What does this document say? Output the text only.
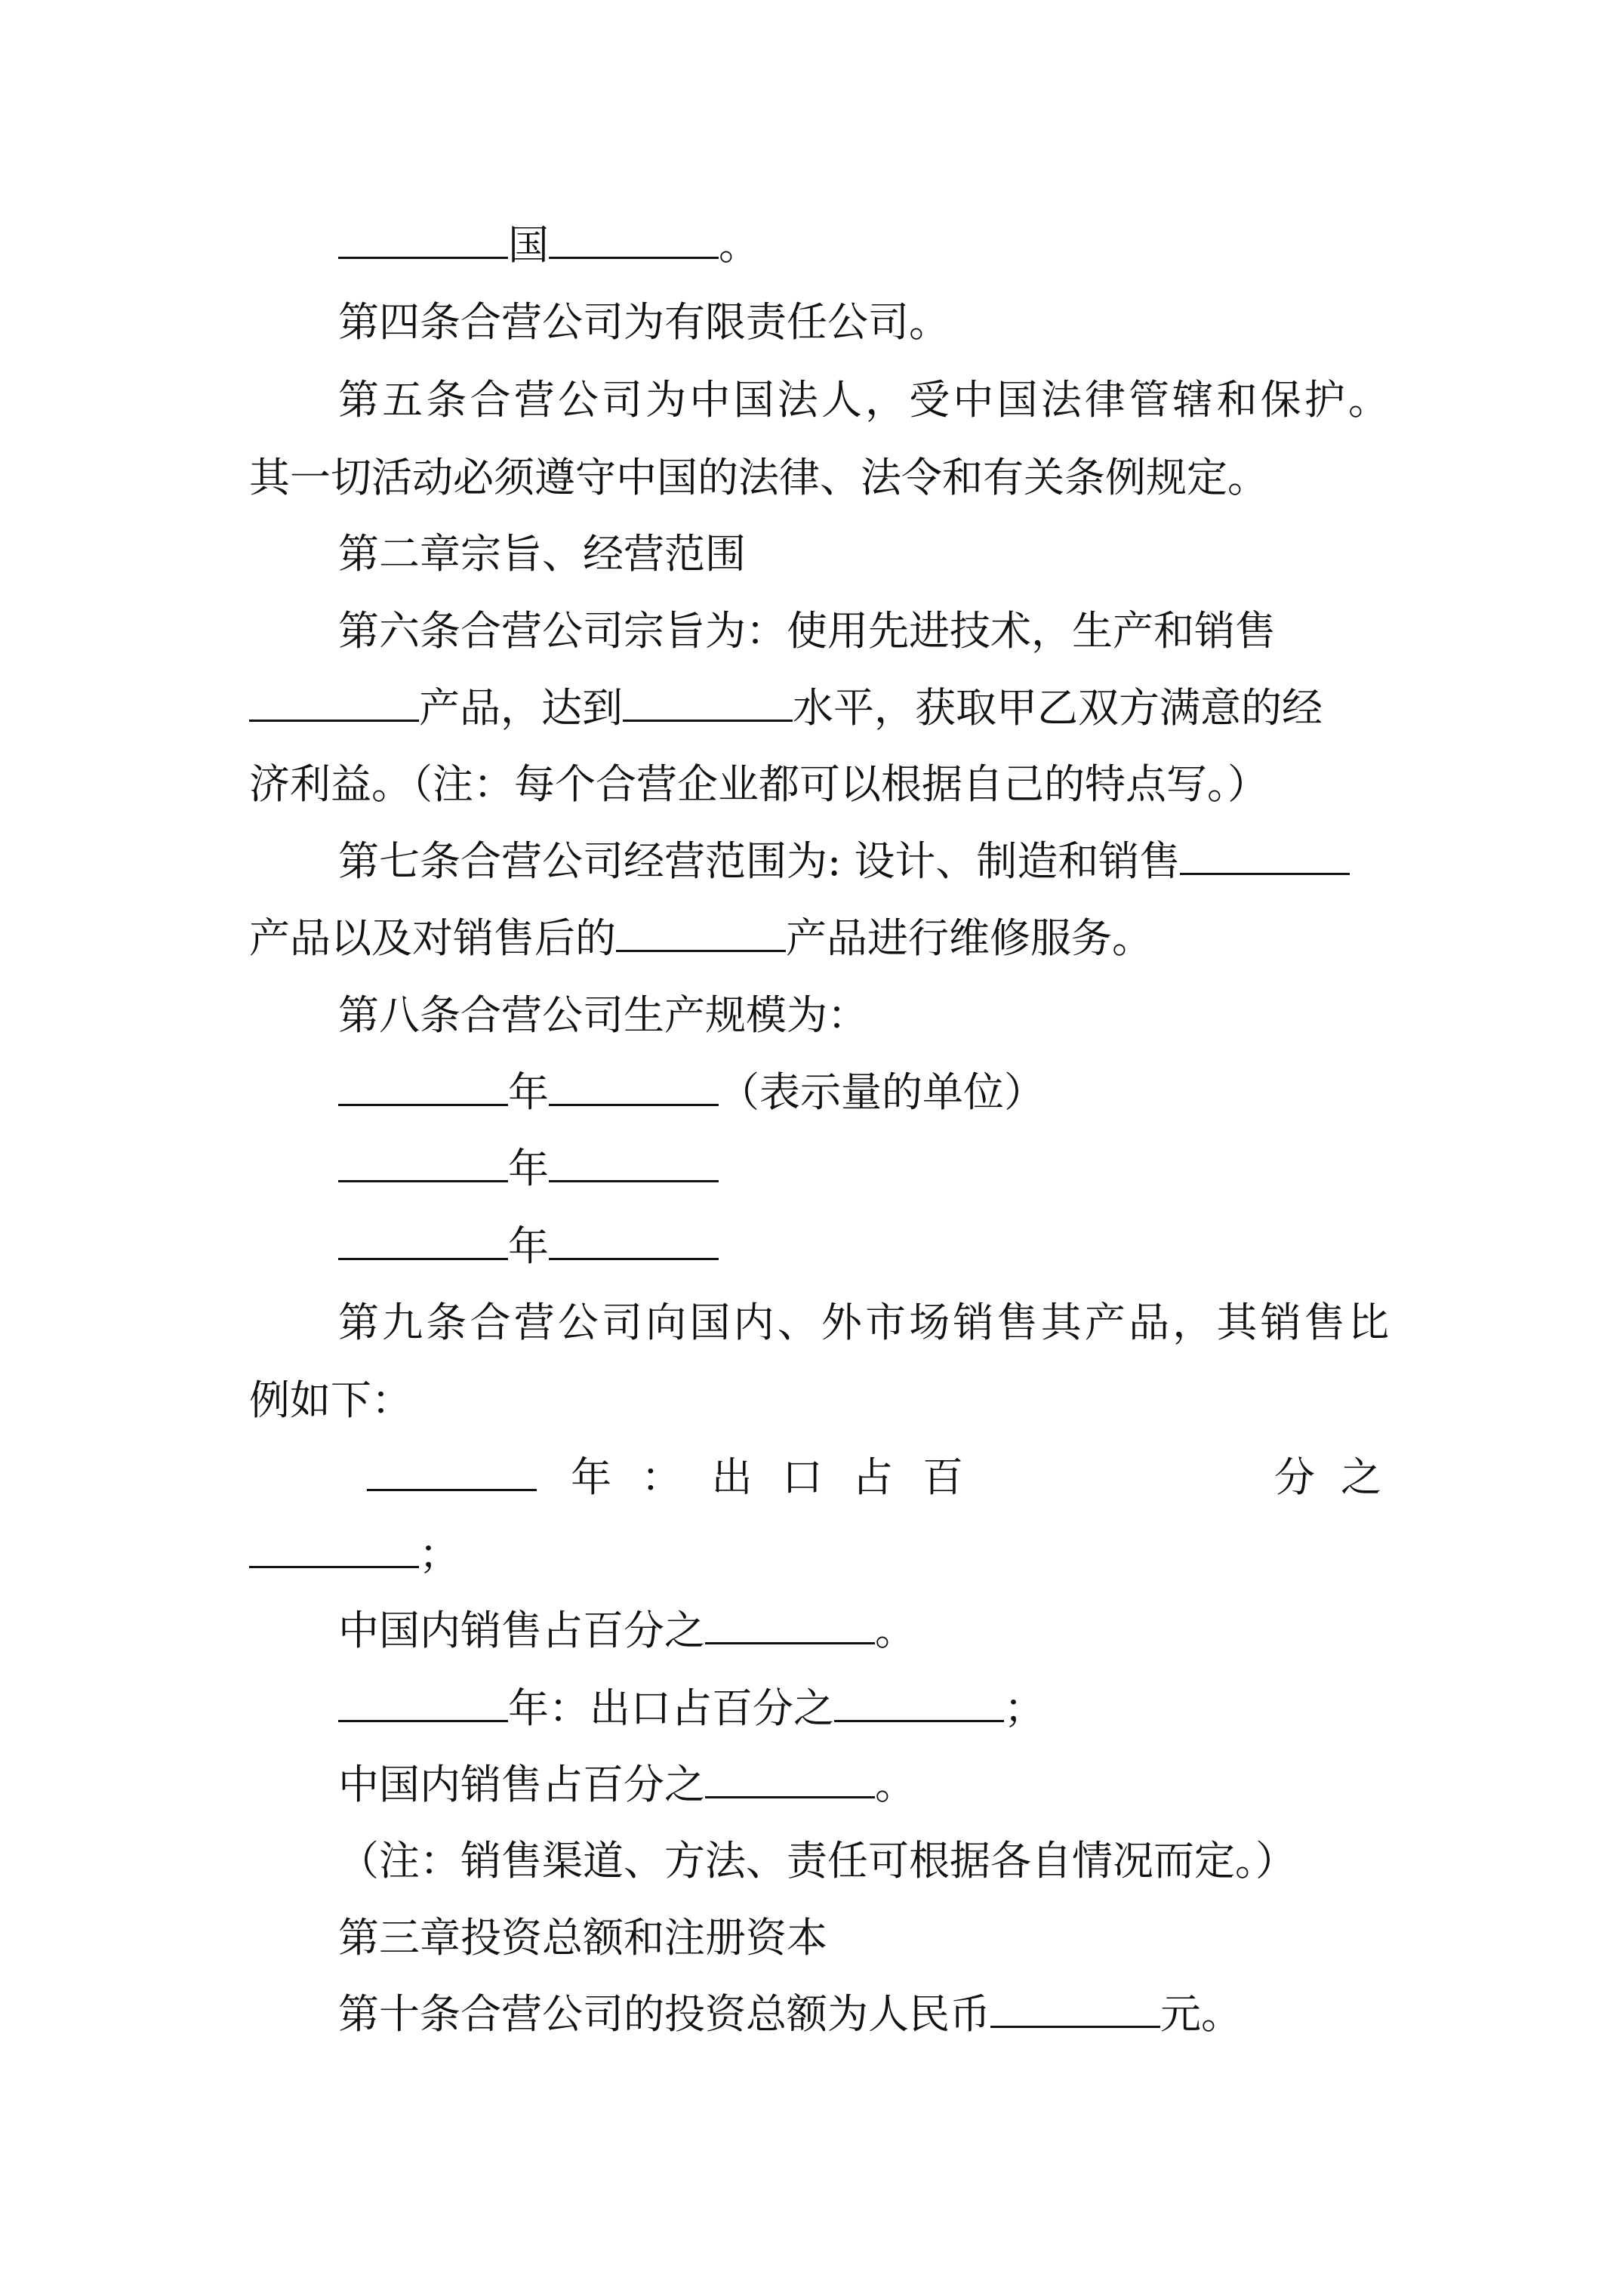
国	。
第四条合营公司为有限责任公司。
第 五 条 合 营 公 司 为 中 国 法 人 ， 受 中 国 法 律 管 辖 和 保 护 。
其一切活动必须遵守中国的法律、法令和有关条例规定。
第二章宗旨、经营范围
第六条合营公司宗旨为：使用先进技术，生产和销售
产品，达到	水平，获取甲乙双方满意的经
济利益。（注：每个合营企业都可以根据自己的特点写。）
第七条合营公司经营范围为: 设计、制造和销售
产品以及对销售后的	产品进行维修服务。
第八条合营公司生产规模为：
年	（表示量的单位）
年
年
第 九 条 合 营 公 司 向 国 内 、 外 市 场 销 售 其 产 品 ， 其 销 售 比
例如下：
年 ： 出 口 占 百	分 之
；
中国内销售占百分之	。
年：出口占百分之	；
中国内销售占百分之	。
（注：销售渠道、方法、责任可根据各自情况而定。）
第三章投资总额和注册资本
第十条合营公司的投资总额为人民币	元。
